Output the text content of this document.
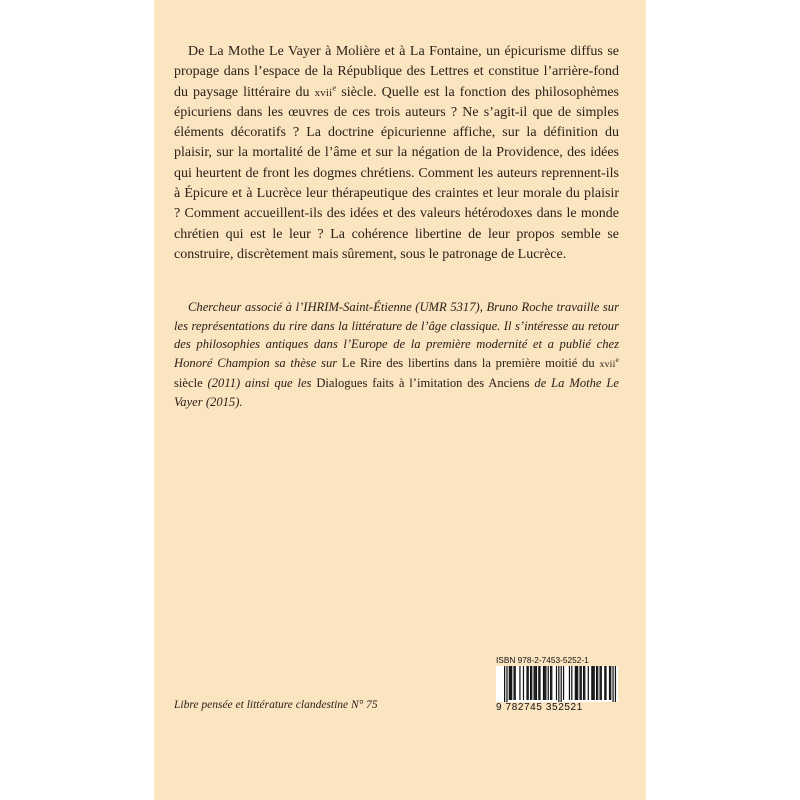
De La Mothe Le Vayer à Molière et à La Fontaine, un épicurisme diffus se propage dans l’espace de la République des Lettres et constitue l’arrière-fond du paysage littéraire du xvii$^e$ siècle. Quelle est la fonction des philosophèmes épicuriens dans les œuvres de ces trois auteurs ? Ne s’agit-il que de simples éléments décoratifs ? La doctrine épicurienne affiche, sur la définition du plaisir, sur la mortalité de l’âme et sur la négation de la Providence, des idées qui heurtent de front les dogmes chrétiens. Comment les auteurs reprennent-ils à Épicure et à Lucrèce leur thérapeutique des craintes et leur morale du plaisir ? Comment accueillent-ils des idées et des valeurs hétérodoxes dans le monde chrétien qui est le leur ? La cohérence libertine de leur propos semble se construire, discrètement mais sûrement, sous le patronage de Lucrèce.

Chercheur associé à l’IHRIM-Saint-Étienne (UMR 5317), Bruno Roche travaille sur les représentations du rire dans la littérature de l’âge classique. Il s’intéresse au retour des philosophies antiques dans l’Europe de la première modernité et a publié chez Honoré Champion sa thèse sur Le Rire des libertins dans la première moitié du xvii$^e$ siècle (2011) ainsi que les Dialogues faits à l’imitation des Anciens de La Mothe Le Vayer (2015).

Libre pensée et littérature clandestine N° 75

ISBN 978-2-7453-5252-1
9 782745 352521
